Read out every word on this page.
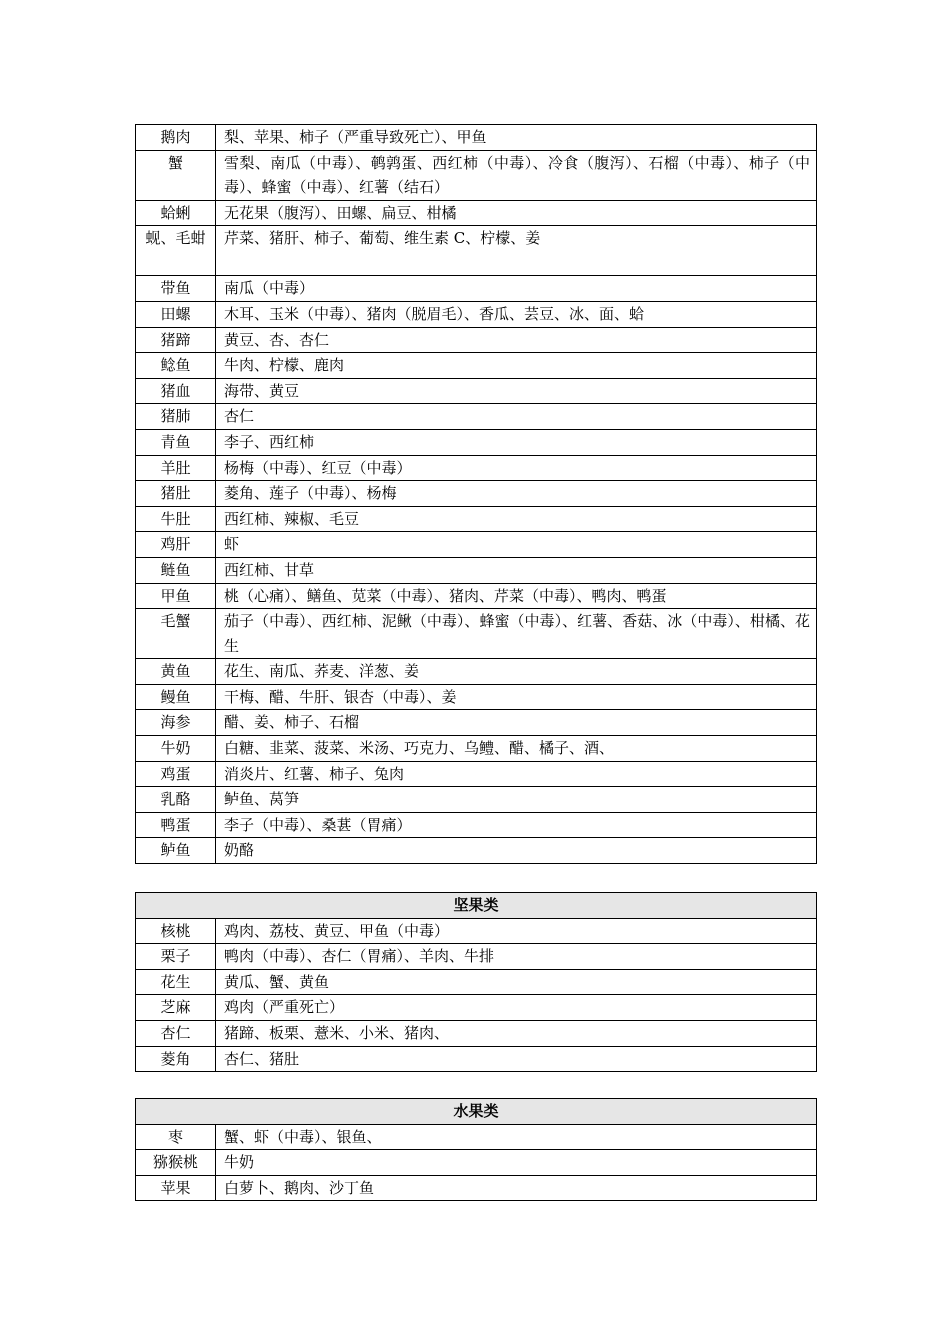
鹅肉	梨、苹果、柿子（严重导致死亡）、甲鱼
蟹	雪梨、南瓜（中毒）、鹌鹑蛋、西红柿（中毒）、冷食（腹泻）、石榴（中毒）、柿子（中毒）、蜂蜜（中毒）、红薯（结石）
蛤蜊	无花果（腹泻）、田螺、扁豆、柑橘
蚬、毛蚶	芹菜、猪肝、柿子、葡萄、维生素 C、柠檬、姜
带鱼	南瓜（中毒）
田螺	木耳、玉米（中毒）、猪肉（脱眉毛）、香瓜、芸豆、冰、面、蛤
猪蹄	黄豆、杏、杏仁
鲶鱼	牛肉、柠檬、鹿肉
猪血	海带、黄豆
猪肺	杏仁
青鱼	李子、西红柿
羊肚	杨梅（中毒）、红豆（中毒）
猪肚	菱角、莲子（中毒）、杨梅
牛肚	西红柿、辣椒、毛豆
鸡肝	虾
鲢鱼	西红柿、甘草
甲鱼	桃（心痛）、鳝鱼、苋菜（中毒）、猪肉、芹菜（中毒）、鸭肉、鸭蛋
毛蟹	茄子（中毒）、西红柿、泥鳅（中毒）、蜂蜜（中毒）、红薯、香菇、冰（中毒）、柑橘、花生
黄鱼	花生、南瓜、荞麦、洋葱、姜
鳗鱼	干梅、醋、牛肝、银杏（中毒）、姜
海参	醋、姜、柿子、石榴
牛奶	白糖、韭菜、菠菜、米汤、巧克力、乌鳢、醋、橘子、酒、
鸡蛋	消炎片、红薯、柿子、兔肉
乳酪	鲈鱼、莴笋
鸭蛋	李子（中毒）、桑葚（胃痛）
鲈鱼	奶酪
坚果类	
核桃	鸡肉、荔枝、黄豆、甲鱼（中毒）
栗子	鸭肉（中毒）、杏仁（胃痛）、羊肉、牛排
花生	黄瓜、蟹、黄鱼
芝麻	鸡肉（严重死亡）
杏仁	猪蹄、板栗、薏米、小米、猪肉、
菱角	杏仁、猪肚
水果类	
枣	蟹、虾（中毒）、银鱼、
猕猴桃	牛奶
苹果	白萝卜、鹅肉、沙丁鱼
